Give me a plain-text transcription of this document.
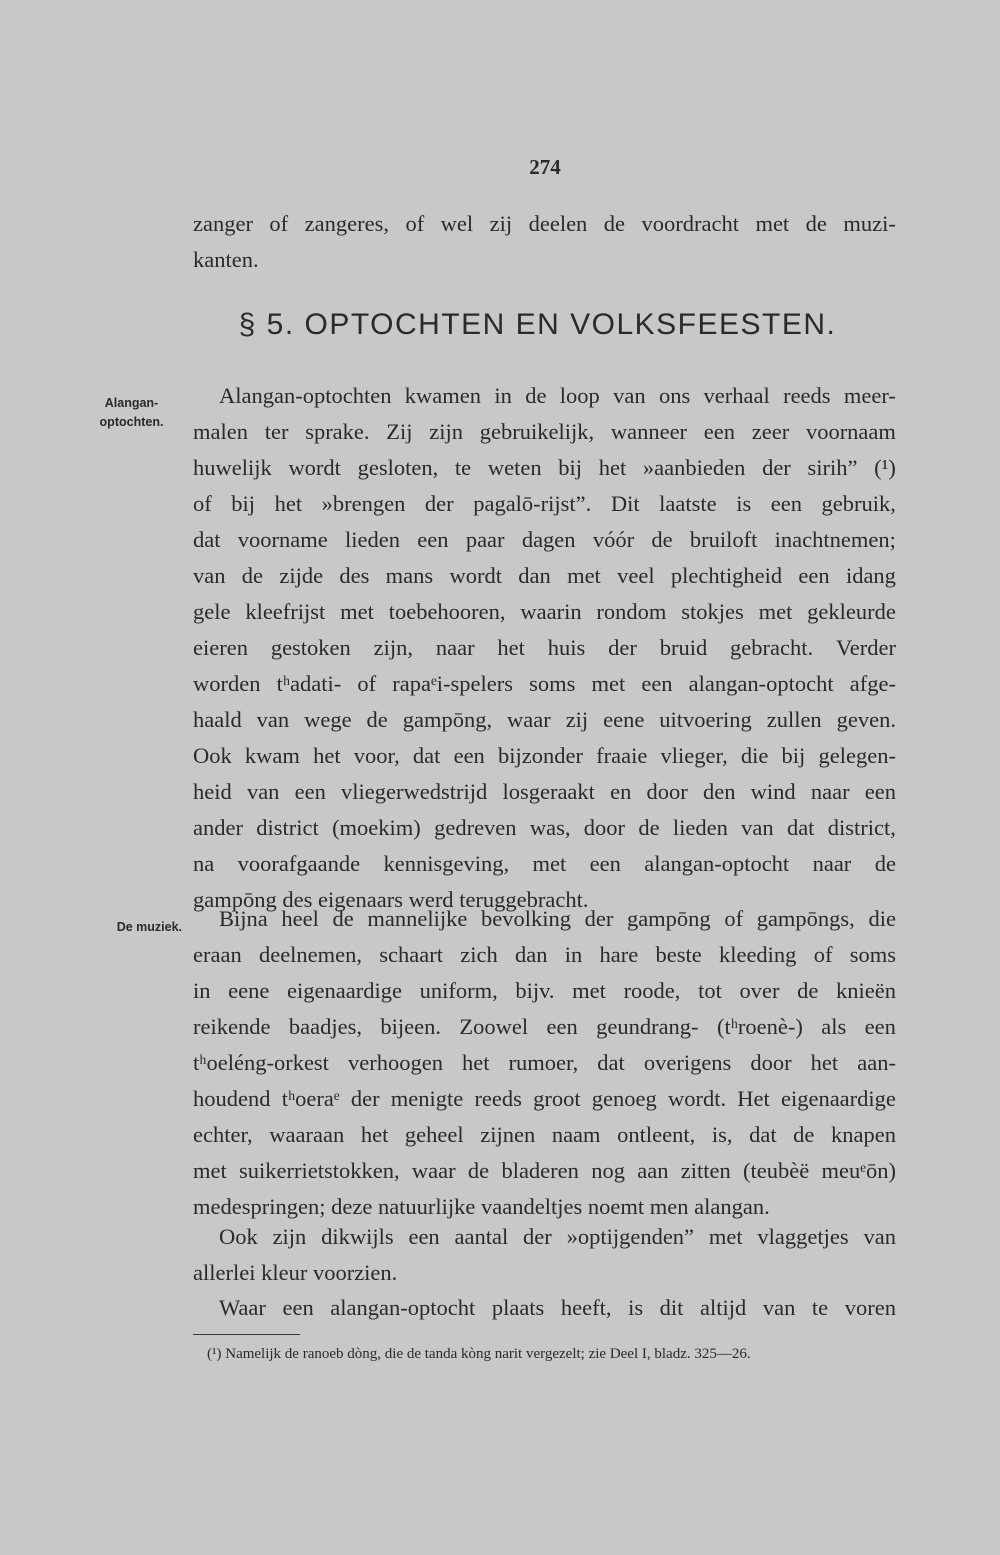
274
zanger of zangeres, of wel zij deelen de voordracht met de muzi-
kanten.
§ 5. OPTOCHTEN EN VOLKSFEESTEN.
Alangan-
optochten.
Alangan-optochten kwamen in de loop van ons verhaal reeds meer-
malen ter sprake. Zij zijn gebruikelijk, wanneer een zeer voornaam
huwelijk wordt gesloten, te weten bij het »aanbieden der sirih” (¹)
of bij het »brengen der pagalō-rijst”. Dit laatste is een gebruik,
dat voorname lieden een paar dagen vóór de bruiloft inachtnemen;
van de zijde des mans wordt dan met veel plechtigheid een idang
gele kleefrijst met toebehooren, waarin rondom stokjes met gekleurde
eieren gestoken zijn, naar het huis der bruid gebracht. Verder
worden tʰadati- of rapaᵉi-spelers soms met een alangan-optocht afge-
haald van wege de gampōng, waar zij eene uitvoering zullen geven.
Ook kwam het voor, dat een bijzonder fraaie vlieger, die bij gelegen-
heid van een vliegerwedstrijd losgeraakt en door den wind naar een
ander district (moekim) gedreven was, door de lieden van dat district,
na voorafgaande kennisgeving, met een alangan-optocht naar de
gampōng des eigenaars werd teruggebracht.
De muziek. Bijna heel de mannelijke bevolking der gampōng of gampōngs, die
eraan deelnemen, schaart zich dan in hare beste kleeding of soms
in eene eigenaardige uniform, bijv. met roode, tot over de knieën
reikende baadjes, bijeen. Zoowel een geundrang- (tʰroenè-) als een
tʰoeléng-orkest verhoogen het rumoer, dat overigens door het aan-
houdend tʰoeraᵉ der menigte reeds groot genoeg wordt. Het eigenaardige
echter, waaraan het geheel zijnen naam ontleent, is, dat de knapen
met suikerrietstokken, waar de bladeren nog aan zitten (teubèë meuᵉōn)
medespringen; deze natuurlijke vaandeltjes noemt men alangan.
Ook zijn dikwijls een aantal der »optijgenden” met vlaggetjes van
allerlei kleur voorzien.
Waar een alangan-optocht plaats heeft, is dit altijd van te voren
(¹) Namelijk de ranoeb dòng, die de tanda kòng narit vergezelt; zie Deel I, bladz. 325—26.
